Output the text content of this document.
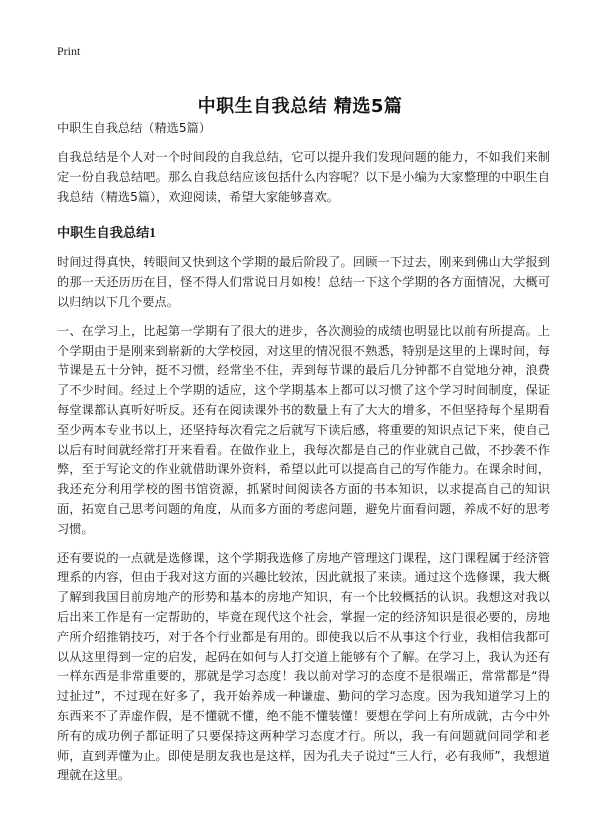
Print
中职生自我总结 精选5篇
中职生自我总结（精选5篇）

自我总结是个人对一个时间段的自我总结，它可以提升我们发现问题的能力，不如我们来制定一份自我总结吧。那么自我总结应该包括什么内容呢？以下是小编为大家整理的中职生自我总结（精选5篇），欢迎阅读，希望大家能够喜欢。

中职生自我总结1

时间过得真快，转眼间又快到这个学期的最后阶段了。回顾一下过去，刚来到佛山大学报到的那一天还历历在目，怪不得人们常说日月如梭！总结一下这个学期的各方面情况，大概可以归纳以下几个要点。

一、在学习上，比起第一学期有了很大的进步，各次测验的成绩也明显比以前有所提高。上个学期由于是刚来到崭新的大学校园，对这里的情况很不熟悉，特别是这里的上课时间，每节课是五十分钟，挺不习惯，经常坐不住，弄到每节课的最后几分钟都不自觉地分神，浪费了不少时间。经过上个学期的适应，这个学期基本上都可以习惯了这个学习时间制度，保证每堂课都认真听好听反。还有在阅读课外书的数量上有了大大的增多，不但坚持每个星期看至少两本专业书以上，还坚持每次看完之后就写下读后感，将重要的知识点记下来，使自己以后有时间就经常打开来看看。在做作业上，我每次都是自己的作业就自己做，不抄袭不作弊，至于写论文的作业就借助课外资料，希望以此可以提高自己的写作能力。在课余时间，我还充分利用学校的图书馆资源，抓紧时间阅读各方面的书本知识，以求提高自己的知识面，拓宽自己思考问题的角度，从而多方面的考虑问题，避免片面看问题，养成不好的思考习惯。

还有要说的一点就是选修课，这个学期我选修了房地产管理这门课程，这门课程属于经济管理系的内容，但由于我对这方面的兴趣比较浓，因此就报了来读。通过这个选修课，我大概了解到我国目前房地产的形势和基本的房地产知识，有一个比较概括的认识。我想这对我以后出来工作是有一定帮助的，毕竟在现代这个社会，掌握一定的经济知识是很必要的，房地产所介绍推销技巧，对于各个行业都是有用的。即使我以后不从事这个行业，我相信我都可以从这里得到一定的启发，起码在如何与人打交道上能够有个了解。在学习上，我认为还有一样东西是非常重要的，那就是学习态度！我以前对学习的态度不是很端正，常常都是“得过扯过”，不过现在好多了，我开始养成一种谦虚、勤问的学习态度。因为我知道学习上的东西来不了弄虚作假，是不懂就不懂，绝不能不懂装懂！要想在学问上有所成就，古今中外所有的成功例子都证明了只要保持这两种学习态度才行。所以，我一有问题就问同学和老师，直到弄懂为止。即使是朋友我也是这样，因为孔夫子说过“三人行，必有我师”，我想道理就在这里。
